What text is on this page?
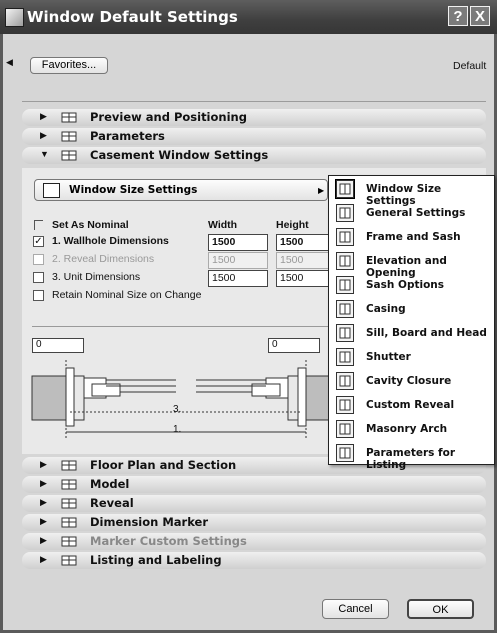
Window Default Settings	? X
◀	Favorites...	Default
▶	Preview and Positioning
▶	Parameters
▼	Casement Window Settings
▶	Floor Plan and Section
▶	Model
▶	Reveal
▶	Dimension Marker
▶	Marker Custom Settings
▶	Listing and Labeling
Window Size Settings	▶
Set As Nominal	Width	Height
✓ 1. Wallhole Dimensions	1500	1500
2. Reveal Dimensions	1500	1500
3. Unit Dimensions	1500	1500
Retain Nominal Size on Change
0	0
3.
1.
Window Size Settings
General Settings
Frame and Sash
Elevation and Opening
Sash Options
Casing
Sill, Board and Head
Shutter
Cavity Closure
Custom Reveal
Masonry Arch
Parameters for Listing
Cancel	OK
